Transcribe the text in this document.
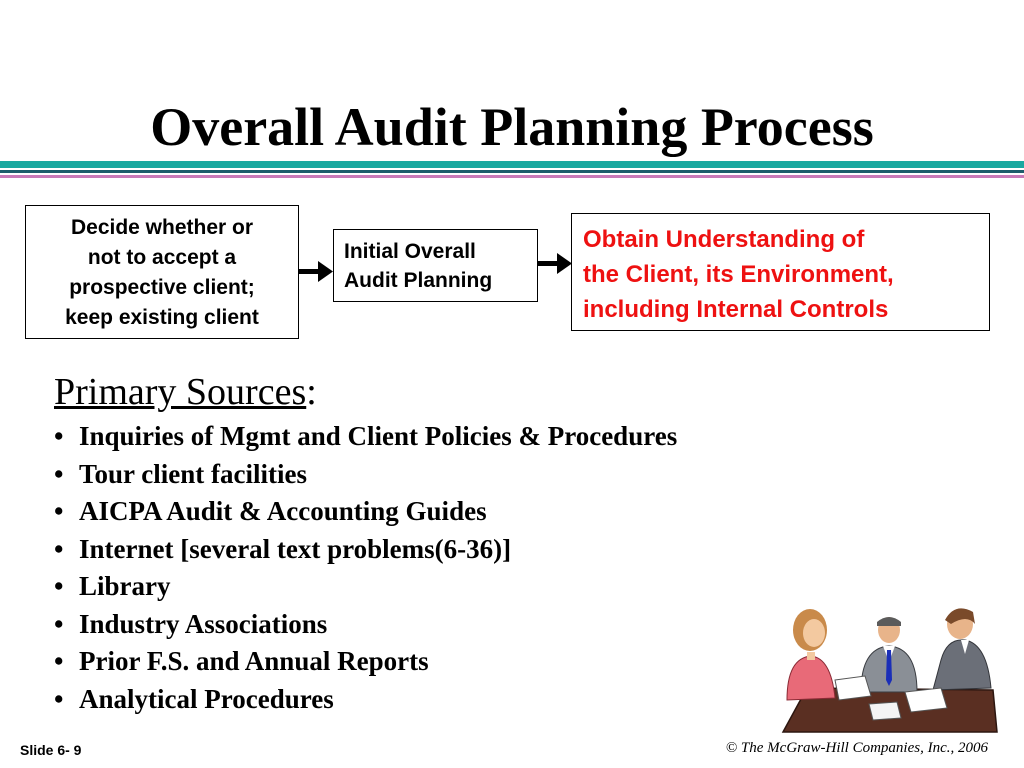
Overall Audit Planning Process
Decide whether or
not to accept a
prospective client;
keep existing client
Initial Overall
Audit Planning
Obtain Understanding of
the Client, its Environment,
including Internal Controls
Primary Sources:
• Inquiries of Mgmt and Client Policies & Procedures
• Tour client facilities
• AICPA Audit & Accounting Guides
• Internet [several text problems(6-36)]
• Library
• Industry Associations
• Prior F.S. and Annual Reports
• Analytical Procedures
Slide 6- 9	© The McGraw-Hill Companies, Inc., 2006
